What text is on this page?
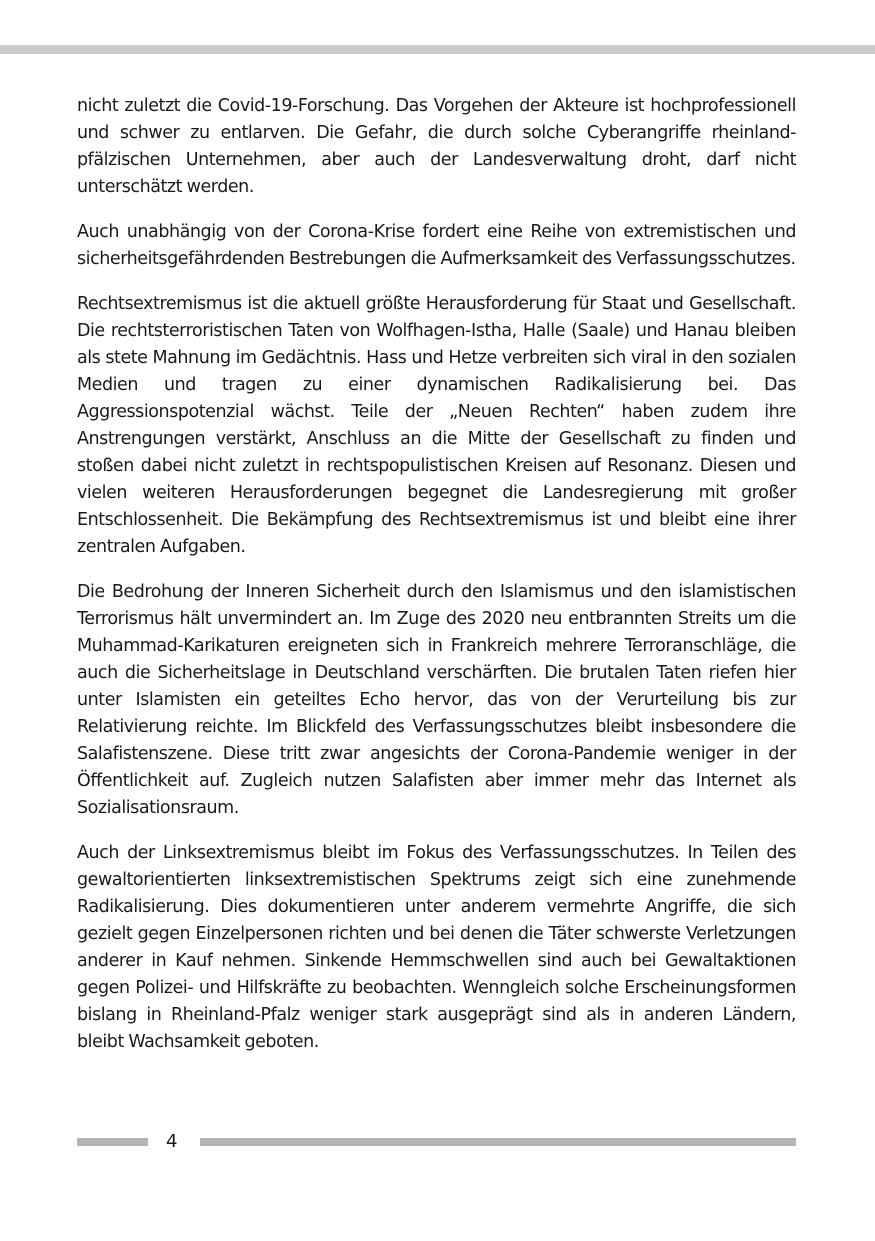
nicht zuletzt die Covid-19-Forschung. Das Vorgehen der Akteure ist hochprofessionell und schwer zu entlarven. Die Gefahr, die durch solche Cyberangriffe rheinland-pfälzischen Unternehmen, aber auch der Landesverwaltung droht, darf nicht unterschätzt werden.

Auch unabhängig von der Corona-Krise fordert eine Reihe von extremistischen und sicherheitsgefährdenden Bestrebungen die Aufmerksamkeit des Verfassungsschutzes.

Rechtsextremismus ist die aktuell größte Herausforderung für Staat und Gesellschaft. Die rechtsterroristischen Taten von Wolfhagen-Istha, Halle (Saale) und Hanau bleiben als stete Mahnung im Gedächtnis. Hass und Hetze verbreiten sich viral in den sozialen Medien und tragen zu einer dynamischen Radikalisierung bei. Das Aggressionspotenzial wächst. Teile der „Neuen Rechten“ haben zudem ihre Anstrengungen verstärkt, Anschluss an die Mitte der Gesellschaft zu finden und stoßen dabei nicht zuletzt in rechtspopulistischen Kreisen auf Resonanz. Diesen und vielen weiteren Herausforderungen begegnet die Landesregierung mit großer Entschlossenheit. Die Bekämpfung des Rechtsextremismus ist und bleibt eine ihrer zentralen Aufgaben.

Die Bedrohung der Inneren Sicherheit durch den Islamismus und den islamistischen Terrorismus hält unvermindert an. Im Zuge des 2020 neu entbrannten Streits um die Muhammad-Karikaturen ereigneten sich in Frankreich mehrere Terroranschläge, die auch die Sicherheitslage in Deutschland verschärften. Die brutalen Taten riefen hier unter Islamisten ein geteiltes Echo hervor, das von der Verurteilung bis zur Relativierung reichte. Im Blickfeld des Verfassungsschutzes bleibt insbesondere die Salafistenszene. Diese tritt zwar angesichts der Corona-Pandemie weniger in der Öffentlichkeit auf. Zugleich nutzen Salafisten aber immer mehr das Internet als Sozialisationsraum.

Auch der Linksextremismus bleibt im Fokus des Verfassungsschutzes. In Teilen des gewaltorientierten linksextremistischen Spektrums zeigt sich eine zunehmende Radikalisierung. Dies dokumentieren unter anderem vermehrte Angriffe, die sich gezielt gegen Einzelpersonen richten und bei denen die Täter schwerste Verletzungen anderer in Kauf nehmen. Sinkende Hemmschwellen sind auch bei Gewaltaktionen gegen Polizei- und Hilfskräfte zu beobachten. Wenngleich solche Erscheinungsformen bislang in Rheinland-Pfalz weniger stark ausgeprägt sind als in anderen Ländern, bleibt Wachsamkeit geboten.

4
